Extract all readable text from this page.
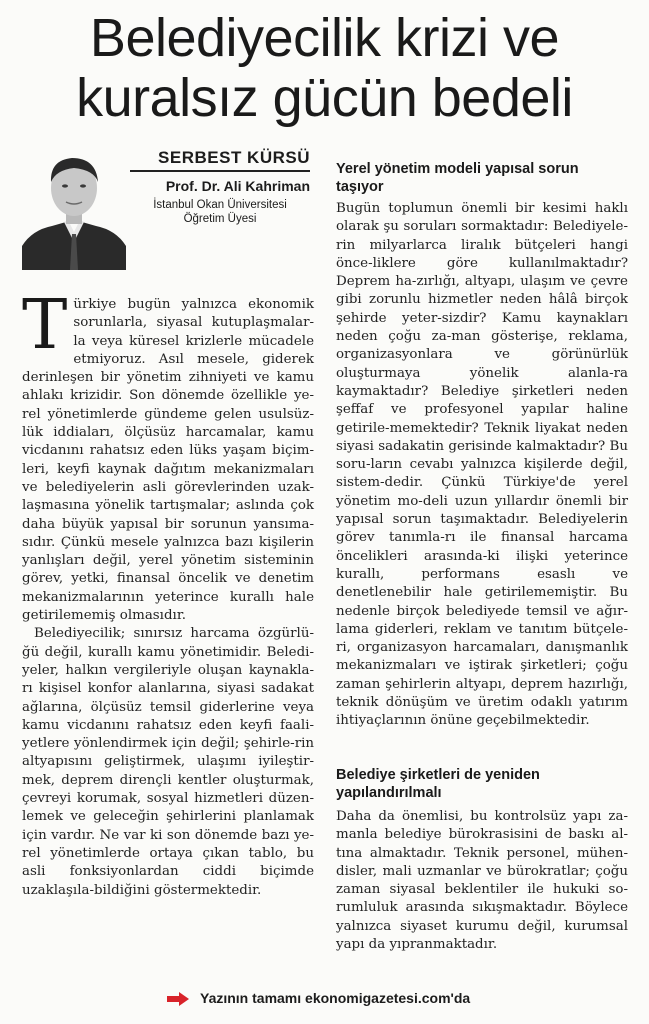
Belediyecilik krizi ve
kuralsız gücün bedeli
SERBEST KÜRSÜ
Prof. Dr. Ali Kahriman
İstanbul Okan Üniversitesi
Öğretim Üyesi

Türkiye bugün yalnızca ekonomik sorunlarla, siyasal kutuplaşmalar-la veya küresel krizlerle mücadele etmiyoruz. Asıl mesele, giderek derinleşen bir yönetim zihniyeti ve kamu ahlakı krizidir. Son dönemde özellikle ye-rel yönetimlerde gündeme gelen usulsüz-lük iddiaları, ölçüsüz harcamalar, kamu vicdanını rahatsız eden lüks yaşam biçim-leri, keyfi kaynak dağıtım mekanizmaları ve belediyelerin asli görevlerinden uzak-laşmasına yönelik tartışmalar; aslında çok daha büyük yapısal bir sorunun yansıma-sıdır. Çünkü mesele yalnızca bazı kişilerin yanlışları değil, yerel yönetim sisteminin görev, yetki, finansal öncelik ve denetim mekanizmalarının yeterince kurallı hale getirilememiş olmasıdır.

Belediyecilik; sınırsız harcama özgürlü-ğü değil, kurallı kamu yönetimidir. Beledi-yeler, halkın vergileriyle oluşan kaynakla-rı kişisel konfor alanlarına, siyasi sadakat ağlarına, ölçüsüz temsil giderlerine veya kamu vicdanını rahatsız eden keyfi faali-yetlere yönlendirmek için değil; şehirle-rin altyapısını geliştirmek, ulaşımı iyileştir-mek, deprem dirençli kentler oluşturmak, çevreyi korumak, sosyal hizmetleri düzen-lemek ve geleceğin şehirlerini planlamak için vardır. Ne var ki son dönemde bazı ye-rel yönetimlerde ortaya çıkan tablo, bu asli fonksiyonlardan ciddi biçimde uzaklaşıla-bildiğini göstermektedir.

Yerel yönetim modeli yapısal sorun taşıyor

Bugün toplumun önemli bir kesimi haklı olarak şu soruları sormaktadır: Belediyele-rin milyarlarca liralık bütçeleri hangi önce-liklere göre kullanılmaktadır? Deprem ha-zırlığı, altyapı, ulaşım ve çevre gibi zorunlu hizmetler neden hâlâ birçok şehirde yeter-sizdir? Kamu kaynakları neden çoğu za-man gösterişe, reklama, organizasyonlara ve görünürlük oluşturmaya yönelik alanla-ra kaymaktadır? Belediye şirketleri neden şeffaf ve profesyonel yapılar haline getirile-memektedir? Teknik liyakat neden siyasi sadakatin gerisinde kalmaktadır? Bu soru-ların cevabı yalnızca kişilerde değil, sistem-dedir. Çünkü Türkiye'de yerel yönetim mo-deli uzun yıllardır önemli bir yapısal sorun taşımaktadır. Belediyelerin görev tanımla-rı ile finansal harcama öncelikleri arasında-ki ilişki yeterince kurallı, performans esaslı ve denetlenebilir hale getirilememiştir. Bu nedenle birçok belediyede temsil ve ağır-lama giderleri, reklam ve tanıtım bütçele-ri, organizasyon harcamaları, danışmanlık mekanizmaları ve iştirak şirketleri; çoğu zaman şehirlerin altyapı, deprem hazırlığı, teknik dönüşüm ve üretim odaklı yatırım ihtiyaçlarının önüne geçebilmektedir.

Belediye şirketleri de yeniden yapılandırılmalı

Daha da önemlisi, bu kontrolsüz yapı za-manla belediye bürokrasisini de baskı al-tına almaktadır. Teknik personel, mühen-disler, mali uzmanlar ve bürokratlar; çoğu zaman siyasal beklentiler ile hukuki so-rumluluk arasında sıkışmaktadır. Böylece yalnızca siyaset kurumu değil, kurumsal yapı da yıpranmaktadır.

Yazının tamamı ekonomigazetesi.com'da
